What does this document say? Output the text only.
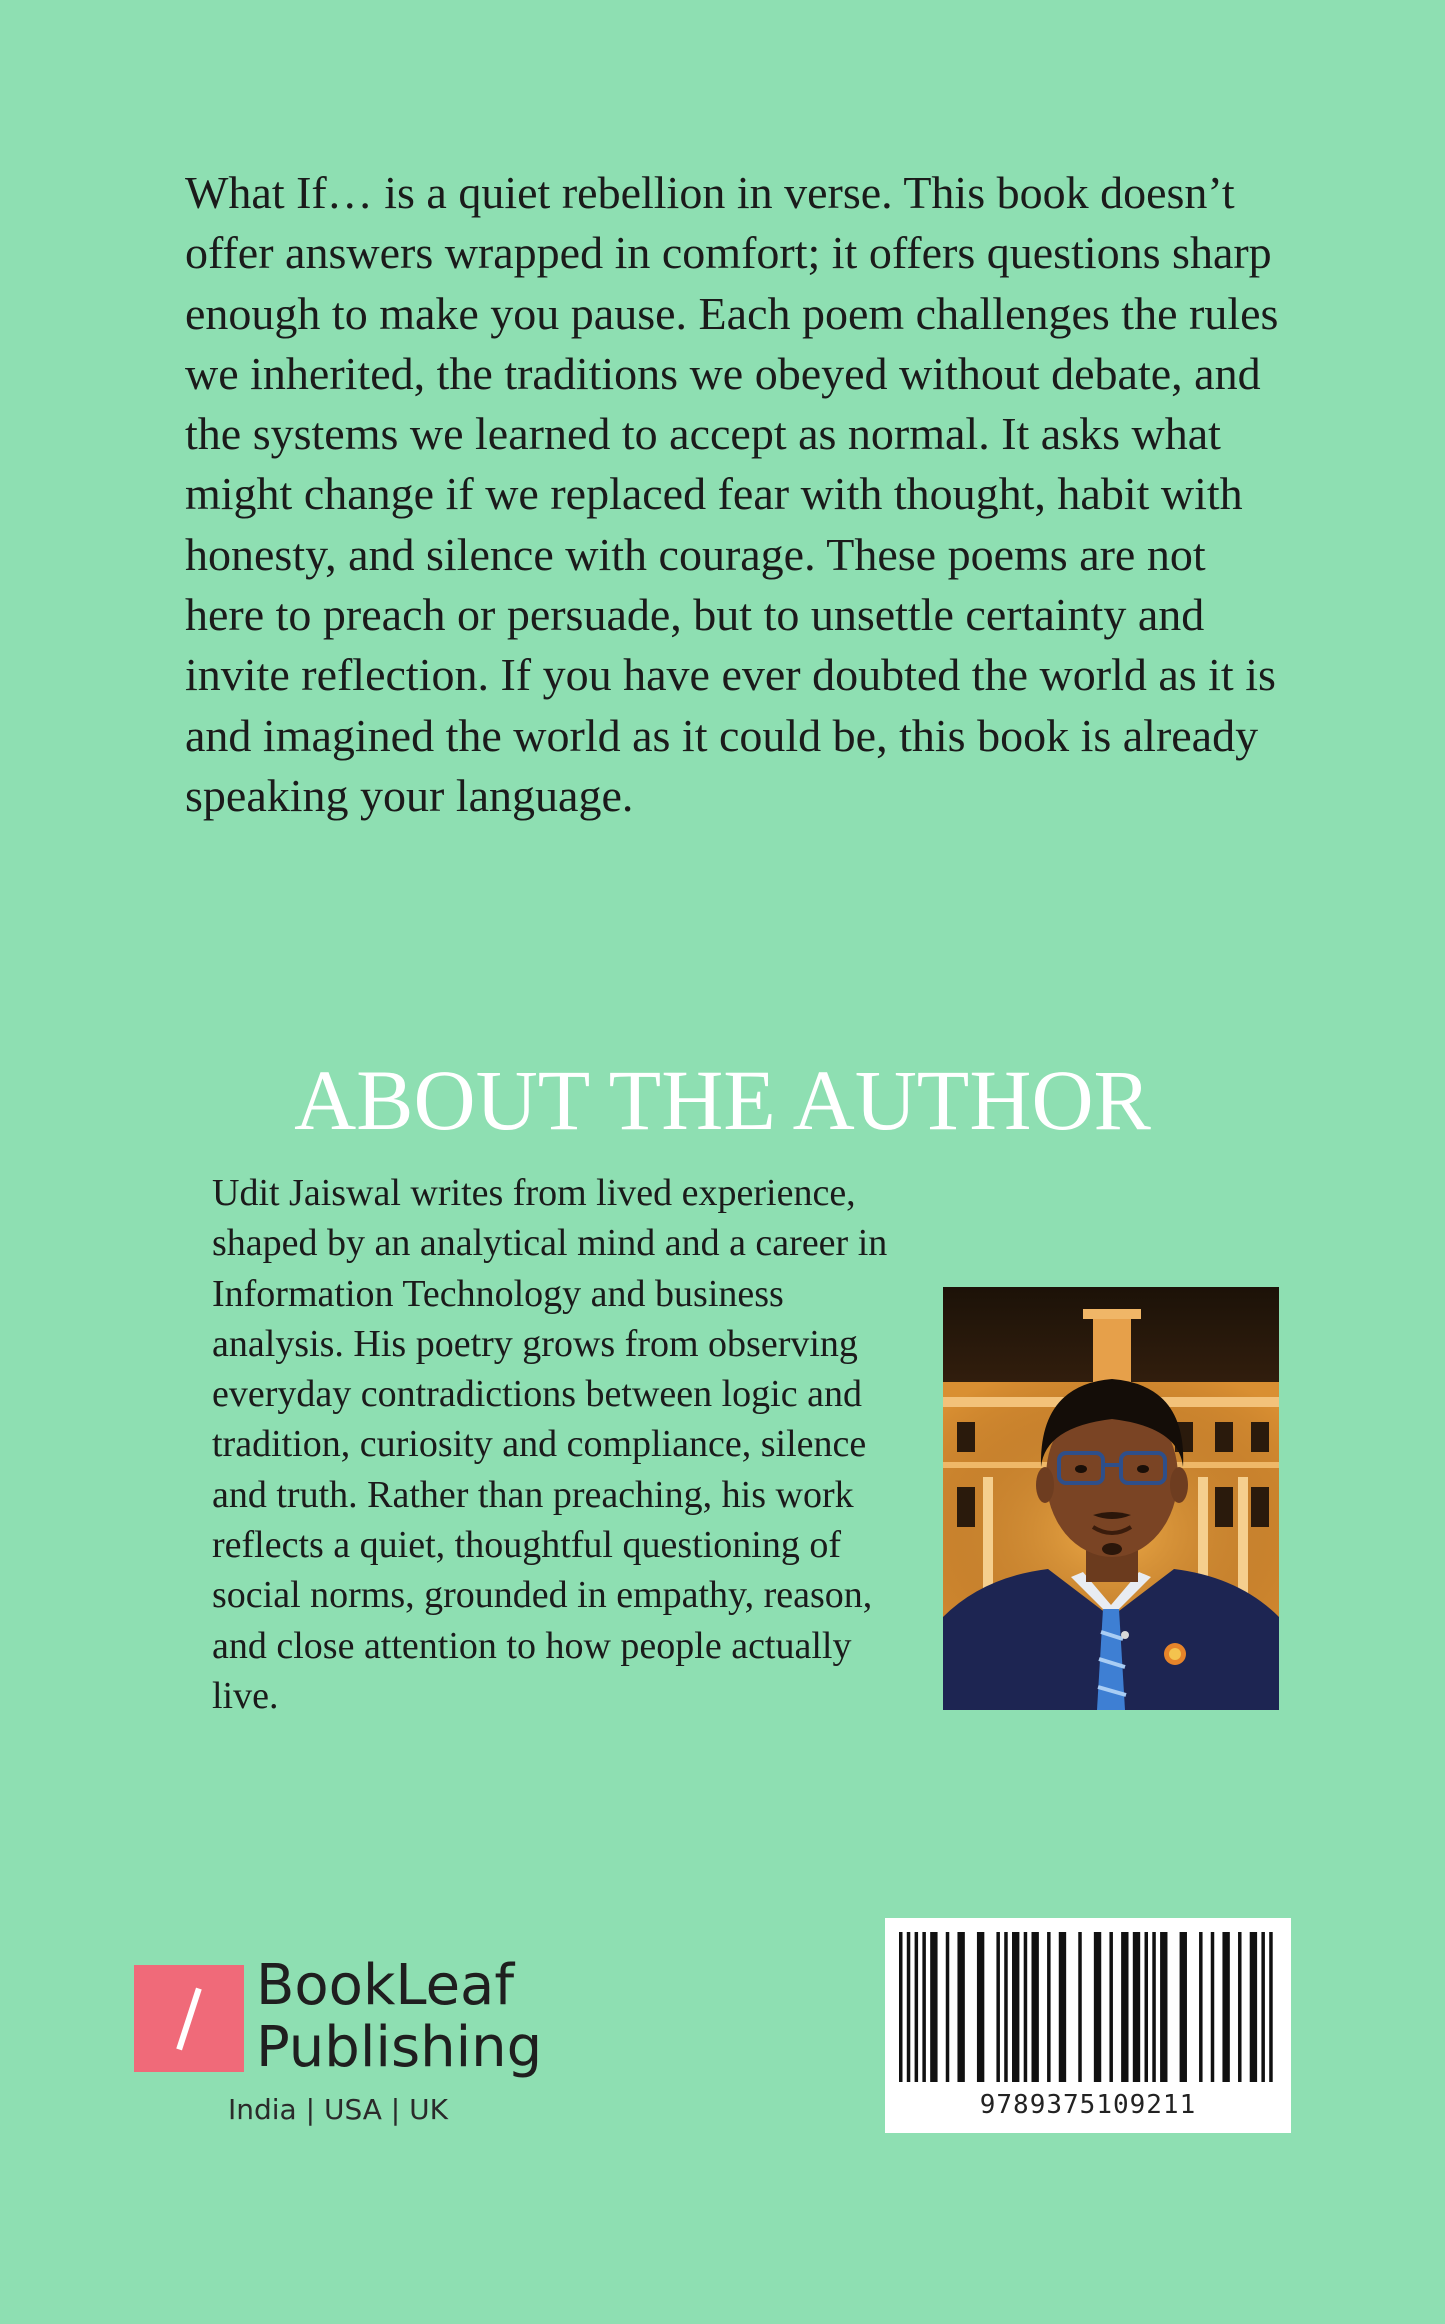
What If… is a quiet rebellion in verse. This book doesn’t offer answers wrapped in comfort; it offers questions sharp enough to make you pause. Each poem challenges the rules we inherited, the traditions we obeyed without debate, and the systems we learned to accept as normal. It asks what might change if we replaced fear with thought, habit with honesty, and silence with courage. These poems are not here to preach or persuade, but to unsettle certainty and invite reflection. If you have ever doubted the world as it is and imagined the world as it could be, this book is already speaking your language.

ABOUT THE AUTHOR

Udit Jaiswal writes from lived experience, shaped by an analytical mind and a career in Information Technology and business analysis. His poetry grows from observing everyday contradictions between logic and tradition, curiosity and compliance, silence and truth. Rather than preaching, his work reflects a quiet, thoughtful questioning of social norms, grounded in empathy, reason, and close attention to how people actually live.

BookLeaf
Publishing
India | USA | UK	9789375109211
